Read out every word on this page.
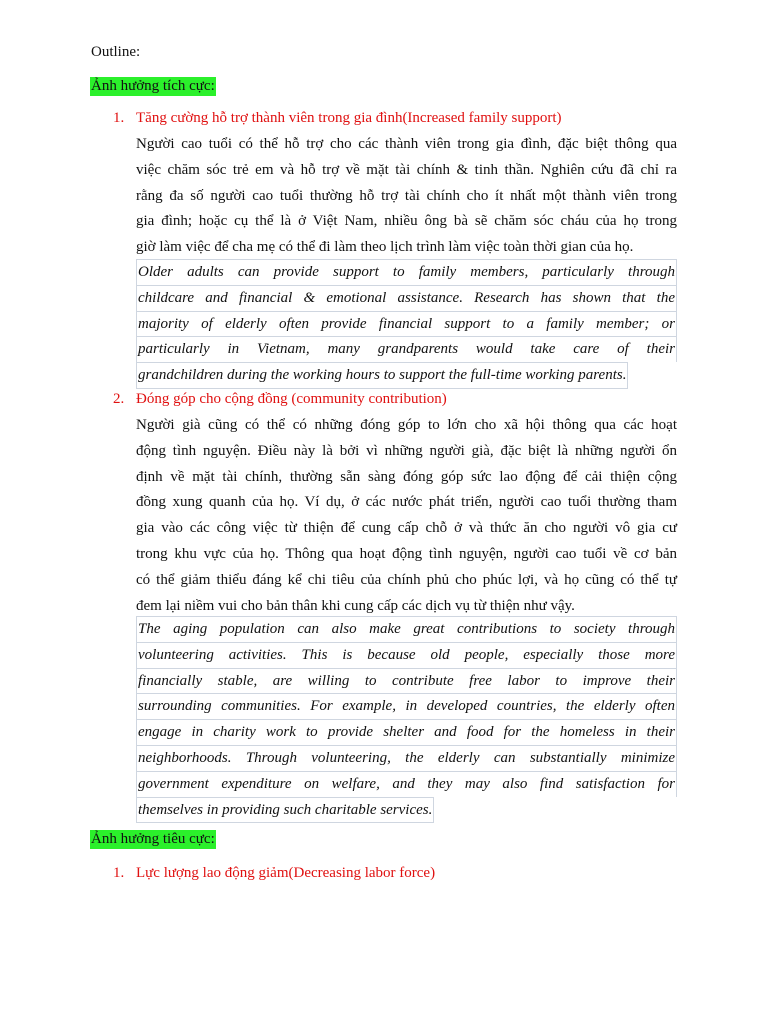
Outline:
Ảnh hưởng tích cực:
1. Tăng cường hỗ trợ thành viên trong gia đình(Increased family support)
Người cao tuổi có thể hỗ trợ cho các thành viên trong gia đình, đặc biệt thông qua
việc chăm sóc trẻ em và hỗ trợ về mặt tài chính & tinh thần. Nghiên cứu đã chỉ ra
rằng đa số người cao tuổi thường hỗ trợ tài chính cho ít nhất một thành viên trong
gia đình; hoặc cụ thể là ở Việt Nam, nhiều ông bà sẽ chăm sóc cháu của họ trong
giờ làm việc để cha mẹ có thể đi làm theo lịch trình làm việc toàn thời gian của họ.
Older adults can provide support to family members, particularly through
childcare and financial & emotional assistance. Research has shown that the
majority of elderly often provide financial support to a family member; or
particularly in Vietnam, many grandparents would take care of their
grandchildren during the working hours to support the full-time working parents.
2. Đóng góp cho cộng đồng (community contribution)
Người già cũng có thể có những đóng góp to lớn cho xã hội thông qua các hoạt
động tình nguyện. Điều này là bởi vì những người già, đặc biệt là những người ổn
định về mặt tài chính, thường sẵn sàng đóng góp sức lao động để cải thiện cộng
đồng xung quanh của họ. Ví dụ, ở các nước phát triển, người cao tuổi thường tham
gia vào các công việc từ thiện để cung cấp chỗ ở và thức ăn cho người vô gia cư
trong khu vực của họ. Thông qua hoạt động tình nguyện, người cao tuổi về cơ bản
có thể giảm thiểu đáng kể chi tiêu của chính phủ cho phúc lợi, và họ cũng có thể tự
đem lại niềm vui cho bản thân khi cung cấp các dịch vụ từ thiện như vậy.
The aging population can also make great contributions to society through
volunteering activities. This is because old people, especially those more
financially stable, are willing to contribute free labor to improve their
surrounding communities. For example, in developed countries, the elderly often
engage in charity work to provide shelter and food for the homeless in their
neighborhoods. Through volunteering, the elderly can substantially minimize
government expenditure on welfare, and they may also find satisfaction for
themselves in providing such charitable services.
Ảnh hưởng tiêu cực:
1. Lực lượng lao động giảm(Decreasing labor force)
